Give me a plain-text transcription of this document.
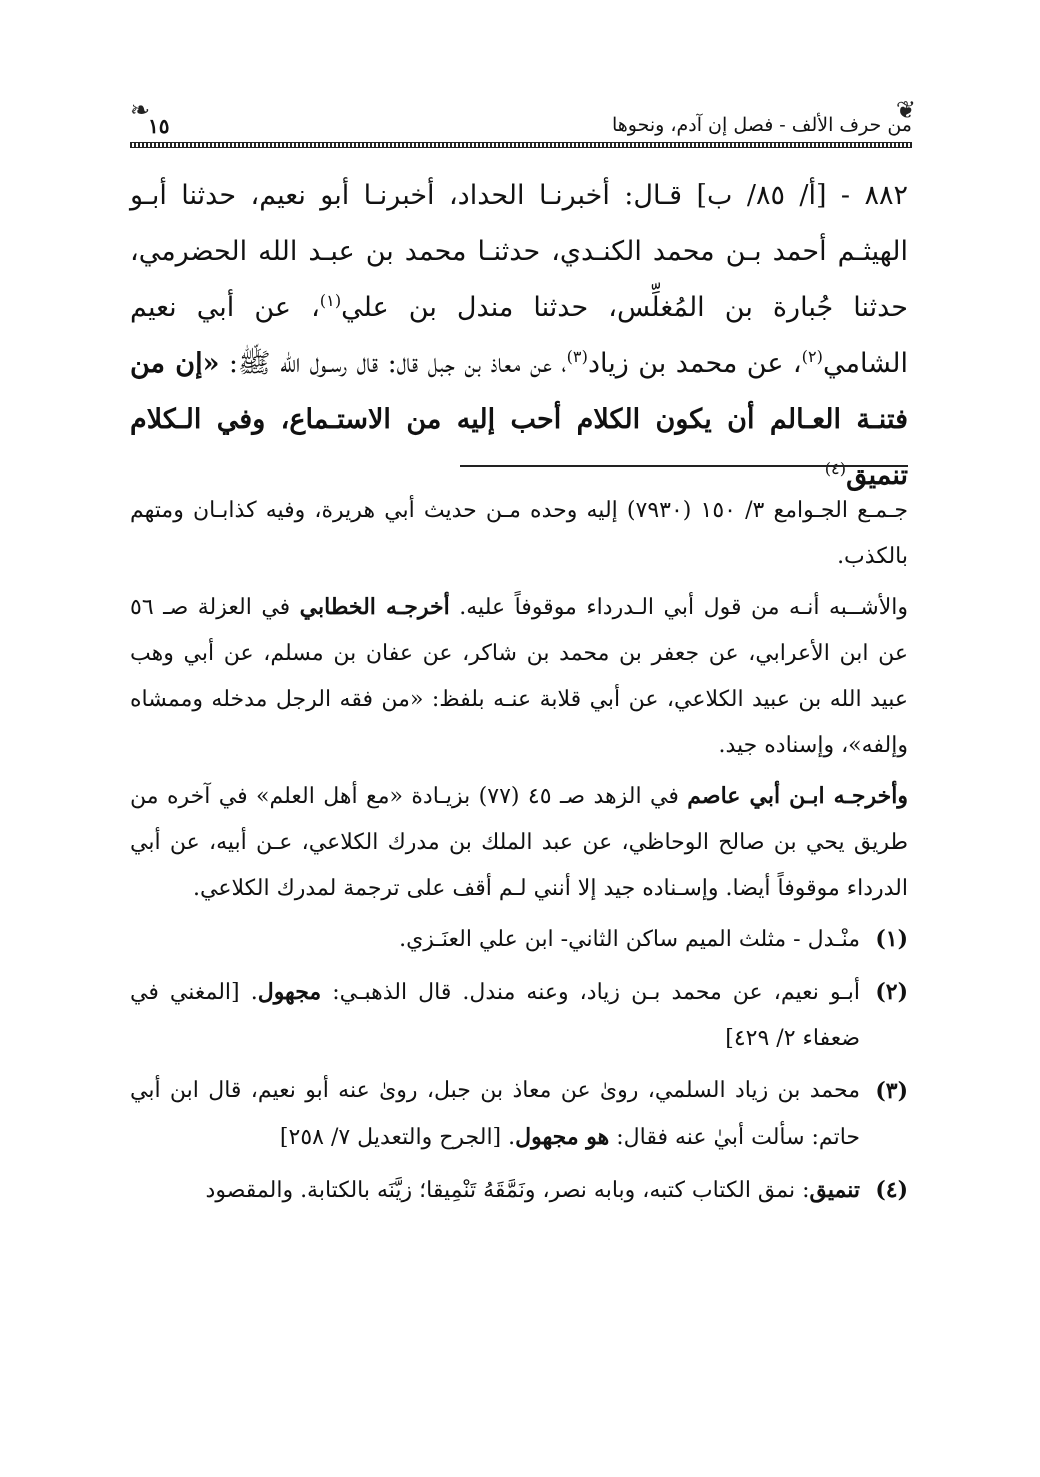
❦
❧
من حرف الألف - فصل إن آدم، ونحوها
١٥
٨٨٢ - [أ/ ٨٥/ ب] قـال: أخبرنـا الحداد، أخبرنـا أبو نعيم، حدثنا أبـو الهيثـم أحمد بـن محمد الكنـدي، حدثنـا محمد بن عبـد الله الحضرمي، حدثنا جُبارة بن المُغلِّس، حدثنا مندل بن علي$^{(١)}$، عن أبي نعيم الشامي$^{(٢)}$، عن محمد بن زياد$^{(٣)}$، عن معاذ بن جبل قال: قال رسـول الله ﷺ: «إن من فتنـة العـالم أن يكون الكلام أحب إليه من الاستـماع، وفي الـكلام تنميق$^{(٤)}$

جـمـع الجـوامع ٣/ ١٥٠ (٧٩٣٠) إليه وحده مـن حديث أبي هريرة، وفيه كذابـان ومتهم بالكذب.

والأشــبه أنـه من قول أبي الـدرداء موقوفاً عليه. أخرجـه الخطابي في العزلة صـ ٥٦ عن ابن الأعرابي، عن جعفر بن محمد بن شاكر، عن عفان بن مسلم، عن أبي وهب عبيد الله بن عبيد الكلاعي، عن أبي قلابة عنـه بلفظ: «من فقه الرجل مدخله وممشاه وإلفه»، وإسناده جيد.

وأخرجـه ابـن أبي عاصم في الزهد صـ ٤٥ (٧٧) بزيـادة «مع أهل العلم» في آخره من طريق يحي بن صالح الوحاظي، عن عبد الملك بن مدرك الكلاعي، عـن أبيه، عن أبي الدرداء موقوفاً أيضا. وإسـناده جيد إلا أنني لـم أقف على ترجمة لمدرك الكلاعي.

(١)
منْـدل - مثلث الميم ساكن الثاني- ابن علي العنَـزي.
(٢)
أبـو نعيم، عن محمد بـن زياد، وعنه مندل. قال الذهبـي: مجهول. [المغني في ضعفاء ٢/ ٤٢٩]
(٣)
محمد بن زياد السلمي، روىٰ عن معاذ بن جبل، روىٰ عنه أبو نعيم، قال ابن أبي حاتم: سألت أبيٰ عنه فقال: هو مجهول. [الجرح والتعديل ٧/ ٢٥٨]
(٤)
تنميق: نمق الكتاب كتبه، وبابه نصر، ونَمَّقَهُ تَنْمِيقا؛ زيَّنَه بالكتابة. والمقصود
